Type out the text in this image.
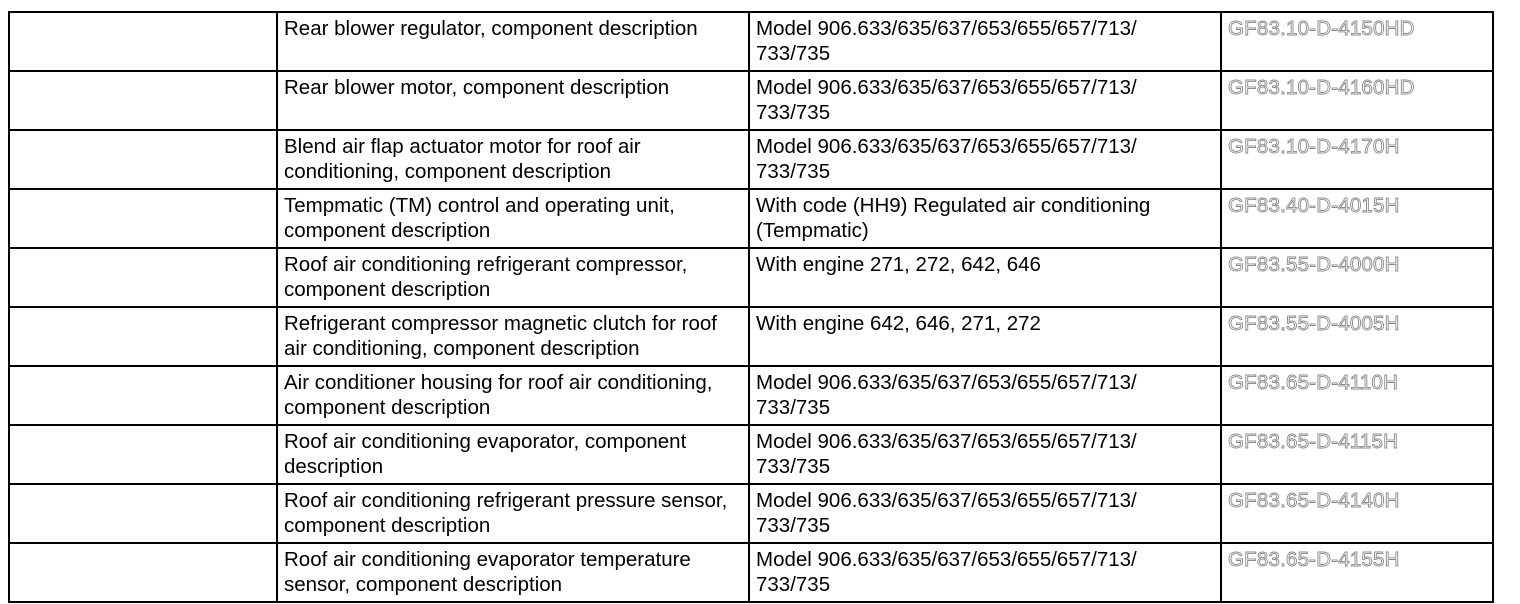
	Rear blower regulator, component description	Model 906.633/635/637/653/655/657/713/ 733/735	GF83.10-D-4150HD
	Rear blower motor, component description	Model 906.633/635/637/653/655/657/713/ 733/735	GF83.10-D-4160HD
	Blend air flap actuator motor for roof air conditioning, component description	Model 906.633/635/637/653/655/657/713/ 733/735	GF83.10-D-4170H
	Tempmatic (TM) control and operating unit, component description	With code (HH9) Regulated air conditioning (Tempmatic)	GF83.40-D-4015H
	Roof air conditioning refrigerant compressor, component description	With engine 271, 272, 642, 646	GF83.55-D-4000H
	Refrigerant compressor magnetic clutch for roof air conditioning, component description	With engine 642, 646, 271, 272	GF83.55-D-4005H
	Air conditioner housing for roof air conditioning, component description	Model 906.633/635/637/653/655/657/713/ 733/735	GF83.65-D-4110H
	Roof air conditioning evaporator, component description	Model 906.633/635/637/653/655/657/713/ 733/735	GF83.65-D-4115H
	Roof air conditioning refrigerant pressure sensor, component description	Model 906.633/635/637/653/655/657/713/ 733/735	GF83.65-D-4140H
	Roof air conditioning evaporator temperature sensor, component description	Model 906.633/635/637/653/655/657/713/ 733/735	GF83.65-D-4155H
